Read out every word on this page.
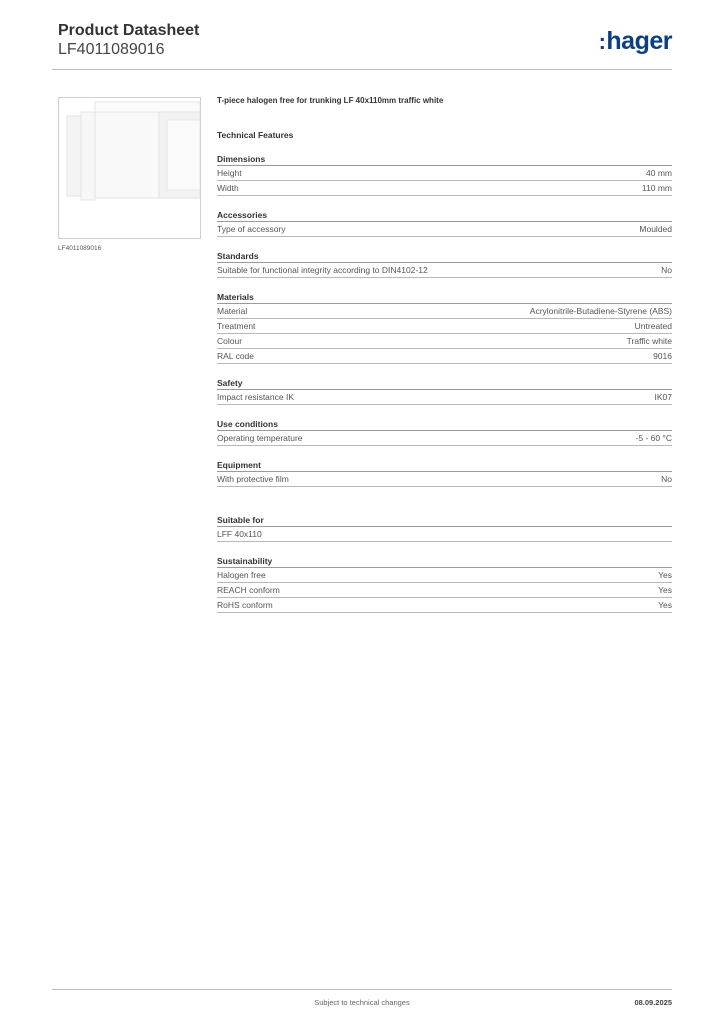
Product Datasheet
LF4011089016	:hager
LF4011089016
T-piece halogen free for trunking LF 40x110mm traffic white
Technical Features
Dimensions
Height	40 mm
Width	110 mm
Accessories
Type of accessory	Moulded
Standards
Suitable for functional integrity according to DIN4102-12	No
Materials
Material	Acrylonitrile-Butadiene-Styrene (ABS)
Treatment	Untreated
Colour	Traffic white
RAL code	9016
Safety
Impact resistance IK	IK07
Use conditions
Operating temperature	-5 - 60 °C
Equipment
With protective film	No
Suitable for
LFF 40x110
Sustainability
Halogen free	Yes
REACH conform	Yes
RoHS conform	Yes
Subject to technical changes	08.09.2025
